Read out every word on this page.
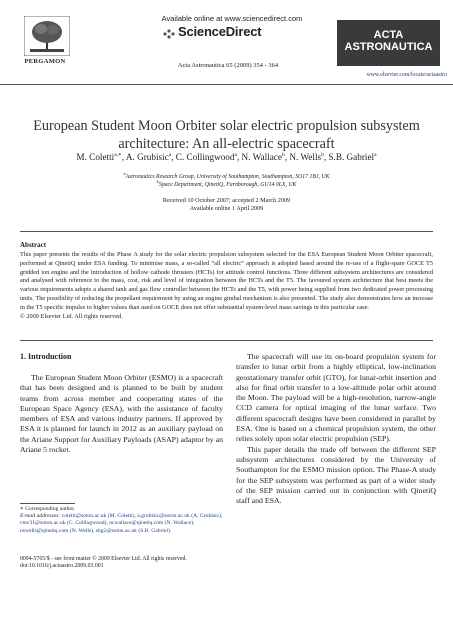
PERGAMON
Available online at www.sciencedirect.com
ScienceDirect
Acta Astronautica 65 (2009) 354 - 364
ACTA
ASTRONAUTICA
www.elsevier.com/locate/actaastro
European Student Moon Orbiter solar electric propulsion subsystem architecture: An all-electric spacecraft
M. Coletti$^{a,∗}$, A. Grubisic$^a$, C. Collingwood$^a$, N. Wallace$^b$, N. Wells$^b$, S.B. Gabriel$^a$
$^a$Astronautics Research Group, University of Southampton, Southampton, SO17 1BJ, UK
$^b$Space Department, QinetiQ, Farnborough, GU14 0LX, UK
Received 10 October 2007; accepted 2 March 2009
Available online 1 April 2009
Abstract
This paper presents the results of the Phase A study for the solar electric propulsion subsystem selected for the ESA European Student Moon Orbiter spacecraft, performed at QinetiQ under ESA funding. To minimise mass, a so-called “all electric” approach is adopted based around the re-use of a flight-spare GOCE T5 gridded ion engine and the introduction of hollow cathode thrusters (HCTs) for attitude control functions. Three different subsystem architectures are considered and analysed with reference to the mass, cost, risk and level of integration between the HCTs and the T5. The favoured system architecture that best meets the various requirements adopts a shared tank and gas flow controller between the HCTs and the T5, with power being supplied from two dedicated power processing units. The possibility of reducing the propellant requirement by using an engine gimbal mechanism is also presented. The study also demonstrates how an increase in the T5 specific impulse to higher values than used on GOCE does not offer substantial system-level mass savings in this particular case.
© 2009 Elsevier Ltd. All rights reserved.
1. Introduction
The European Student Moon Orbiter (ESMO) is a spacecraft that has been designed and is planned to be built by student teams from across member and cooperating states of the European Space Agency (ESA), with the assistance of faculty members of ESA and various industry partners. If approved by ESA it is planned for launch in 2012 as an auxiliary payload on the Ariane Support for Auxiliary Payloads (ASAP) adaptor by an Ariane 5 rocket.

The spacecraft will use its on-board propulsion system for transfer to lunar orbit from a highly elliptical, low-inclination geostationary transfer orbit (GTO), for lunar-orbit insertion and also for final orbit transfer to a low-altitude polar orbit around the Moon. The payload will be a high-resolution, narrow-angle CCD camera for optical imaging of the lunar surface. Two different spacecraft designs have been considered in parallel by ESA. One is based on a chemical propulsion system, the other relies solely upon solar electric propulsion (SEP).

This paper details the trade off between the different SEP subsystem architectures considered by the University of Southampton for the ESMO mission option. The Phase-A study for the SEP subsystem was performed as part of a wider study of the SEP mission carried out in conjunction with QinetiQ staff and ESA.

∗ Corresponding author.
E-mail addresses: coletti@soton.ac.uk (M. Coletti), a.grubisic@soton.ac.uk (A. Grubisic), cmc31@soton.ac.uk (C. Collingwood), ncwallace@qinetiq.com (N. Wallace), nswells@qinetiq.com (N. Wells), sbg2@soton.ac.uk (S.B. Gabriel).
0094-5765/$ - see front matter © 2009 Elsevier Ltd. All rights reserved.
doi:10.1016/j.actaastro.2009.03.001
